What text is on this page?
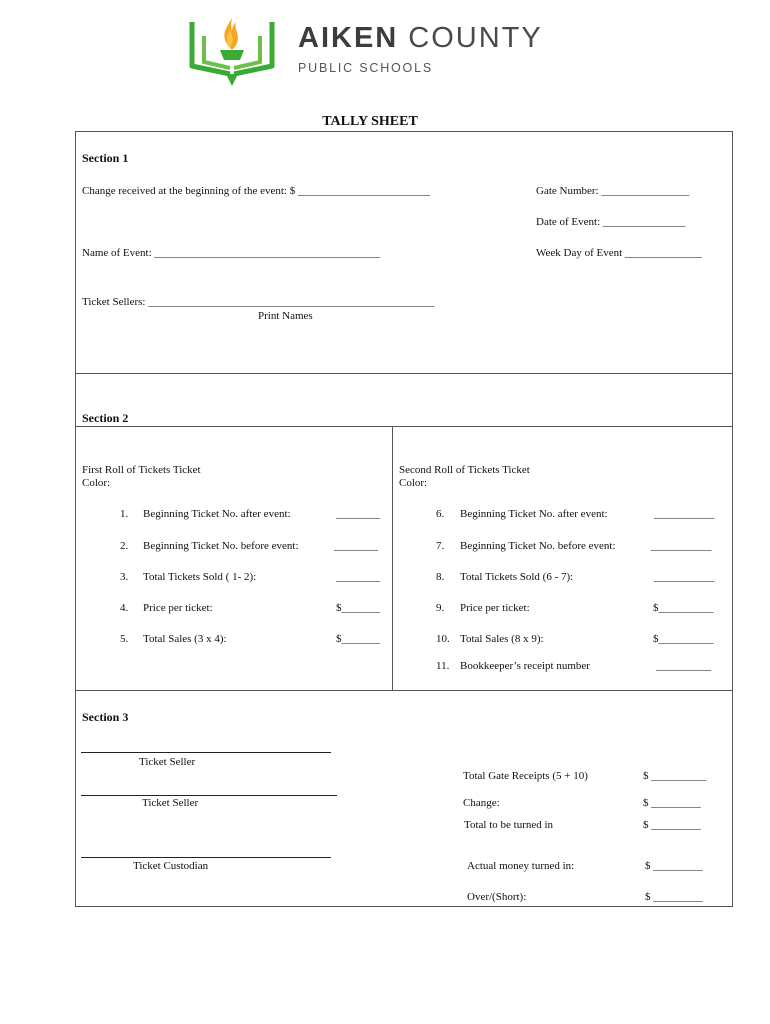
AIKEN COUNTY
PUBLIC SCHOOLS
TALLY SHEET
Section 1
Change received at the beginning of the event: $ ________________________	Gate Number: ________________
Date of Event: _______________
Name of Event: _________________________________________	Week Day of Event ______________
Ticket Sellers: ____________________________________________________
Print Names
Section 2
First Roll of Tickets Ticket
Color:
1. Beginning Ticket No. after event:	________
2. Beginning Ticket No. before event:	________
3. Total Tickets Sold ( 1- 2):	________
4. Price per ticket:	$_______
5. Total Sales (3 x 4):	$_______
Second Roll of Tickets Ticket
Color:
6. Beginning Ticket No. after event:	___________
7. Beginning Ticket No. before event:	___________
8. Total Tickets Sold (6 - 7):	___________
9. Price per ticket:	$__________
10. Total Sales (8 x 9):	$__________
11. Bookkeeper’s receipt number	__________
Section 3
Ticket Seller
Ticket Seller
Ticket Custodian
Total Gate Receipts (5 + 10)	$ __________
Change:	$ _________
Total to be turned in	$ _________
Actual money turned in:	$ _________
Over/(Short):	$ _________
